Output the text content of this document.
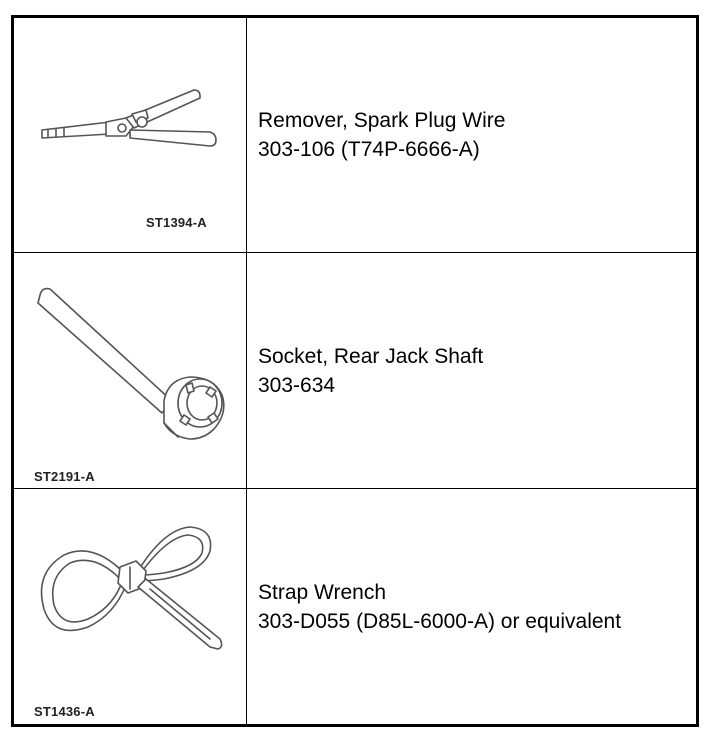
ST1394-A
Remover, Spark Plug Wire
303-106 (T74P-6666-A)
ST2191-A
Socket, Rear Jack Shaft
303-634
ST1436-A
Strap Wrench
303-D055 (D85L-6000-A) or equivalent
